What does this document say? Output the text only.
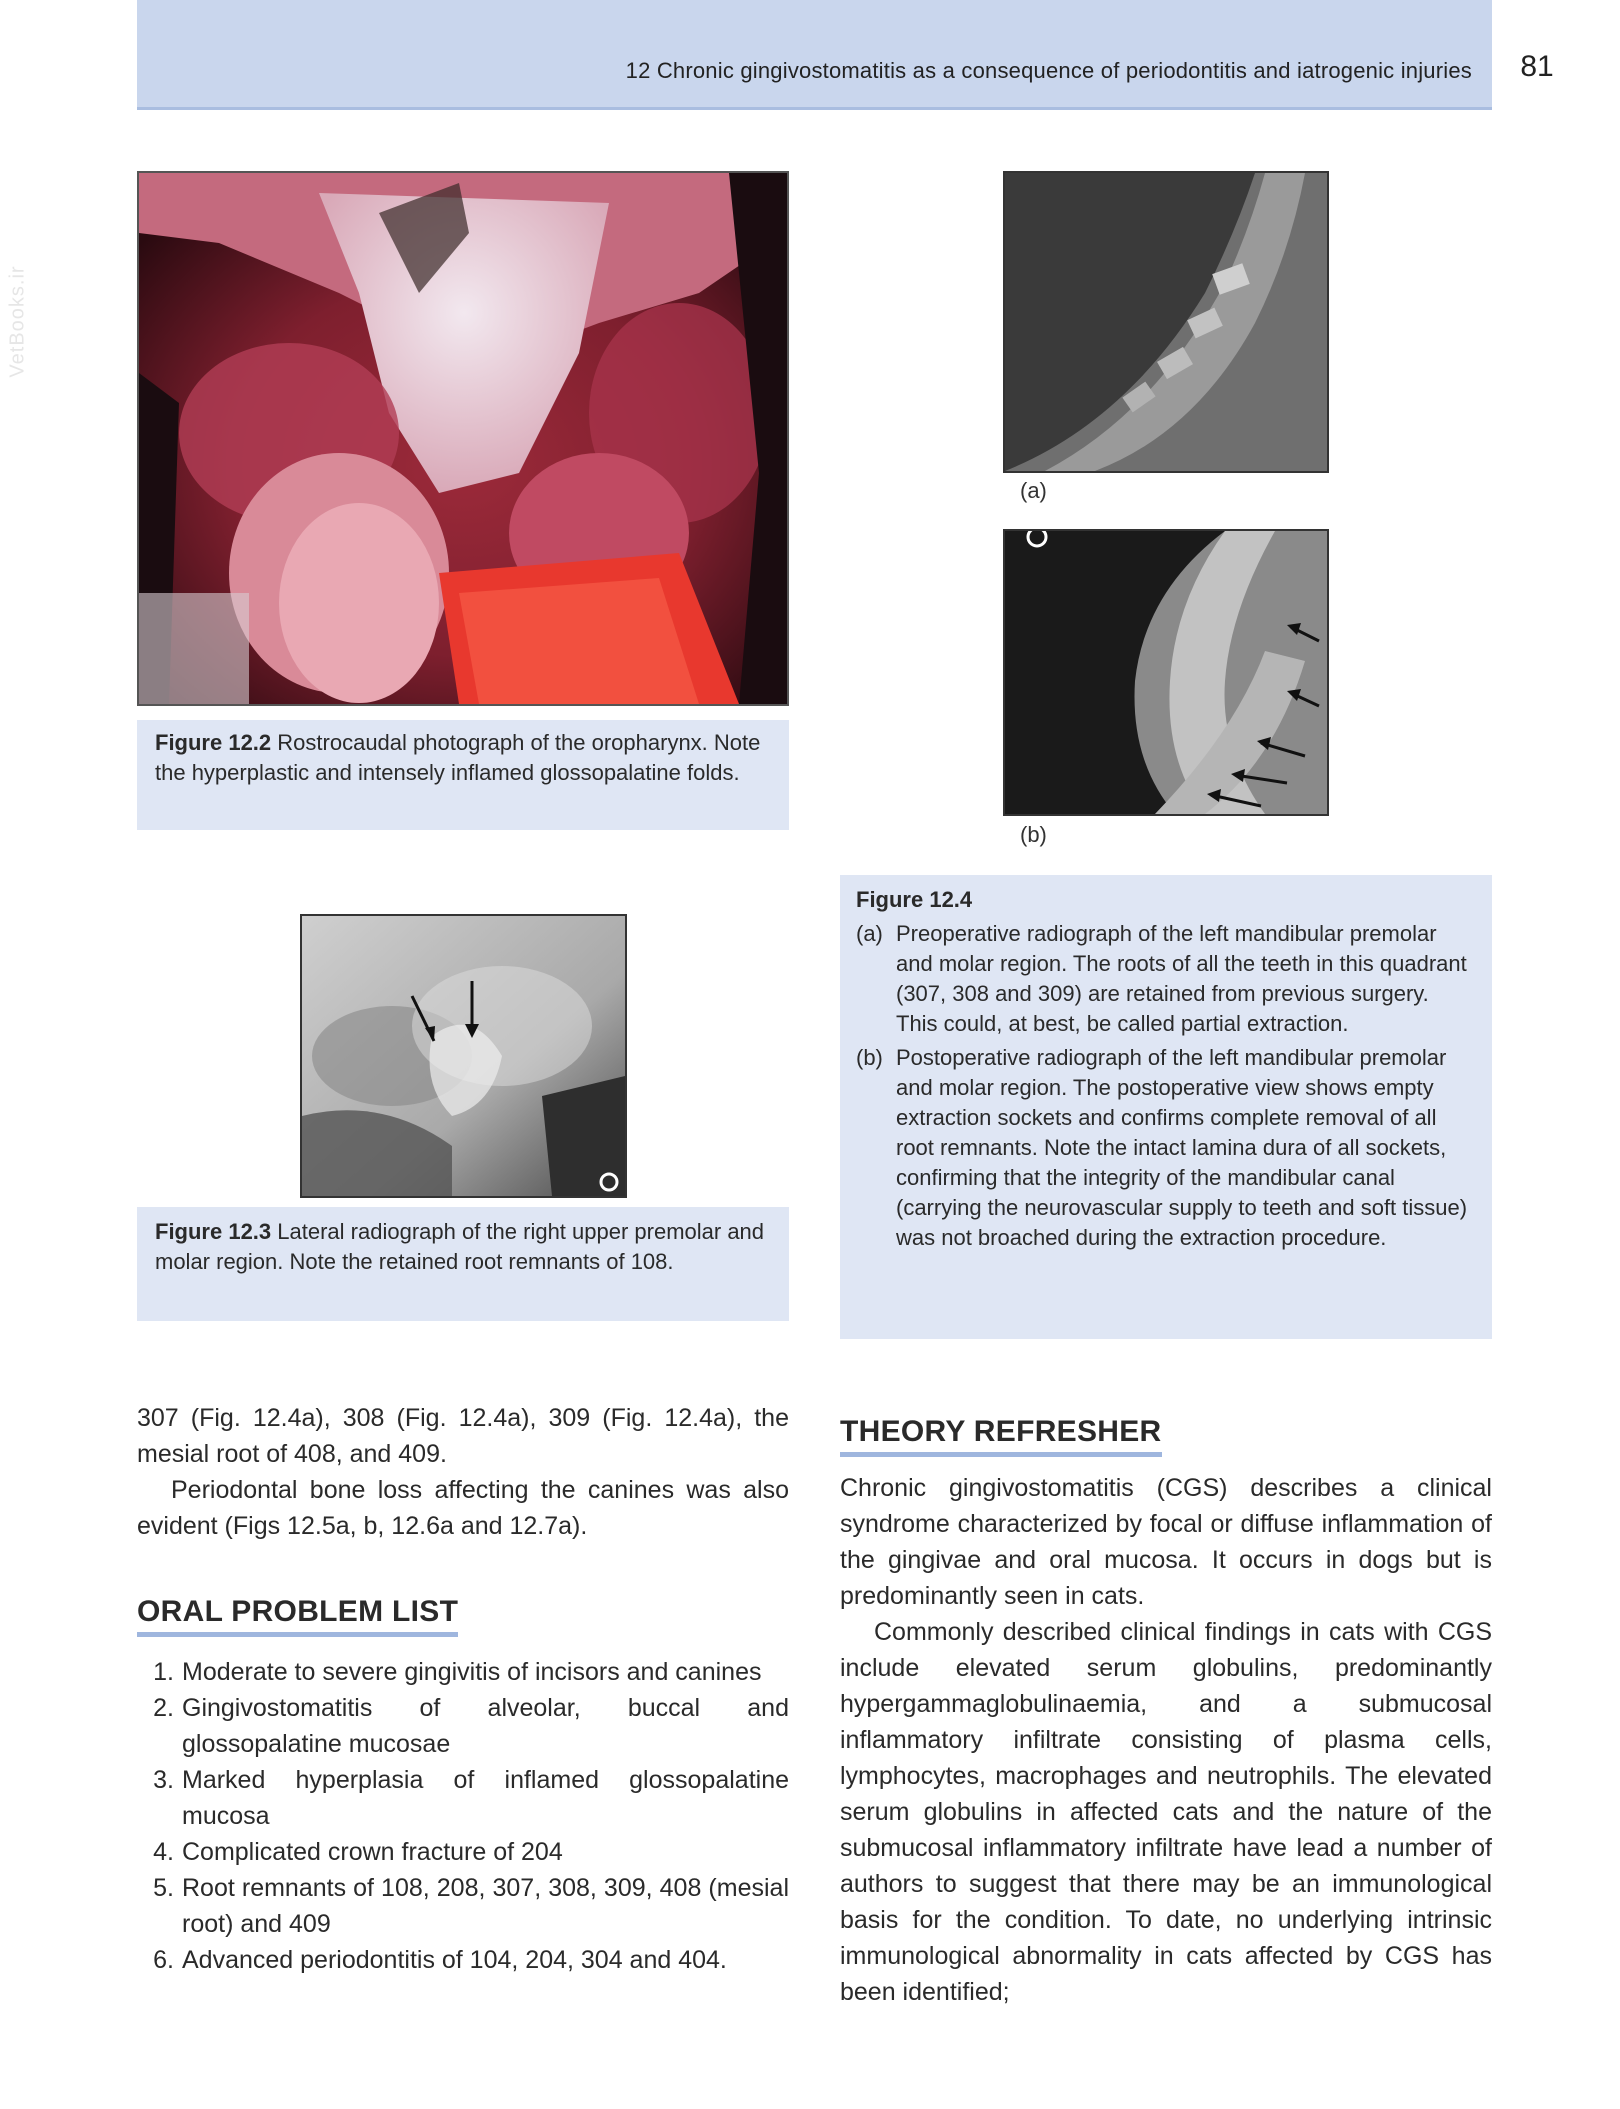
12 Chronic gingivostomatitis as a consequence of periodontitis and iatrogenic injuries	81
VetBooks.ir
Figure 12.2 Rostrocaudal photograph of the oropharynx. Note the hyperplastic and intensely inflamed glossopalatine folds.
Figure 12.3 Lateral radiograph of the right upper premolar and molar region. Note the retained root remnants of 108.
(a)
(b)
Figure 12.4
(a) Preoperative radiograph of the left mandibular premolar and molar region. The roots of all the teeth in this quadrant (307, 308 and 309) are retained from previous surgery. This could, at best, be called partial extraction.
(b) Postoperative radiograph of the left mandibular premolar and molar region. The postoperative view shows empty extraction sockets and confirms complete removal of all root remnants. Note the intact lamina dura of all sockets, confirming that the integrity of the mandibular canal (carrying the neurovascular supply to teeth and soft tissue) was not broached during the extraction procedure.

307 (Fig. 12.4a), 308 (Fig. 12.4a), 309 (Fig. 12.4a), the mesial root of 408, and 409.

Periodontal bone loss affecting the canines was also evident (Figs 12.5a, b, 12.6a and 12.7a).

ORAL PROBLEM LIST
1. Moderate to severe gingivitis of incisors and canines
2. Gingivostomatitis of alveolar, buccal and glossopalatine mucosae
3. Marked hyperplasia of inflamed glossopalatine mucosa
4. Complicated crown fracture of 204
5. Root remnants of 108, 208, 307, 308, 309, 408 (mesial root) and 409
6. Advanced periodontitis of 104, 204, 304 and 404.
THEORY REFRESHER

Chronic gingivostomatitis (CGS) describes a clinical syndrome characterized by focal or diffuse inflammation of the gingivae and oral mucosa. It occurs in dogs but is predominantly seen in cats.

Commonly described clinical findings in cats with CGS include elevated serum globulins, predominantly hypergammaglobulinaemia, and a submucosal inflammatory infiltrate consisting of plasma cells, lymphocytes, macrophages and neutrophils. The elevated serum globulins in affected cats and the nature of the submucosal inflammatory infiltrate have lead a number of authors to suggest that there may be an immunological basis for the condition. To date, no underlying intrinsic immunological abnormality in cats affected by CGS has been identified;
